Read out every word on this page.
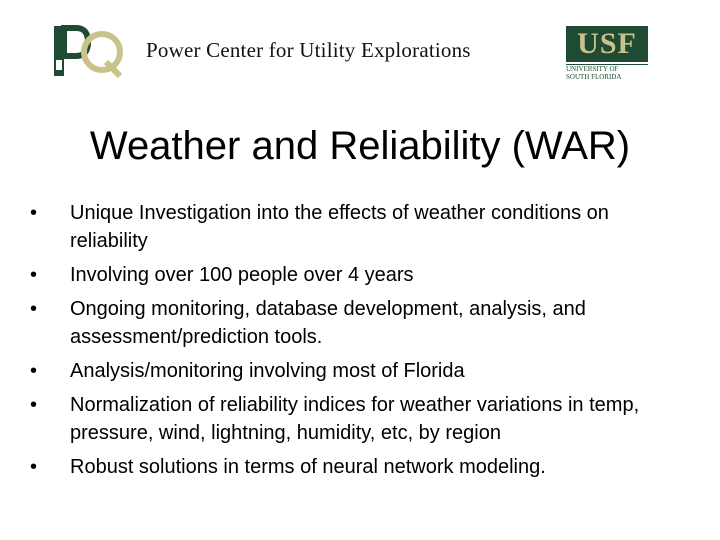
Power Center for Utility Explorations	USF
UNIVERSITY OF
SOUTH FLORIDA
Weather and Reliability (WAR)
•	Unique Investigation into the effects of weather conditions on reliability
•	Involving over 100 people over 4 years
•	Ongoing monitoring, database development, analysis, and assessment/prediction tools.
•	Analysis/monitoring involving most of Florida
•	Normalization of reliability indices for weather variations in temp, pressure, wind, lightning, humidity, etc, by region
•	Robust solutions in terms of neural network modeling.
